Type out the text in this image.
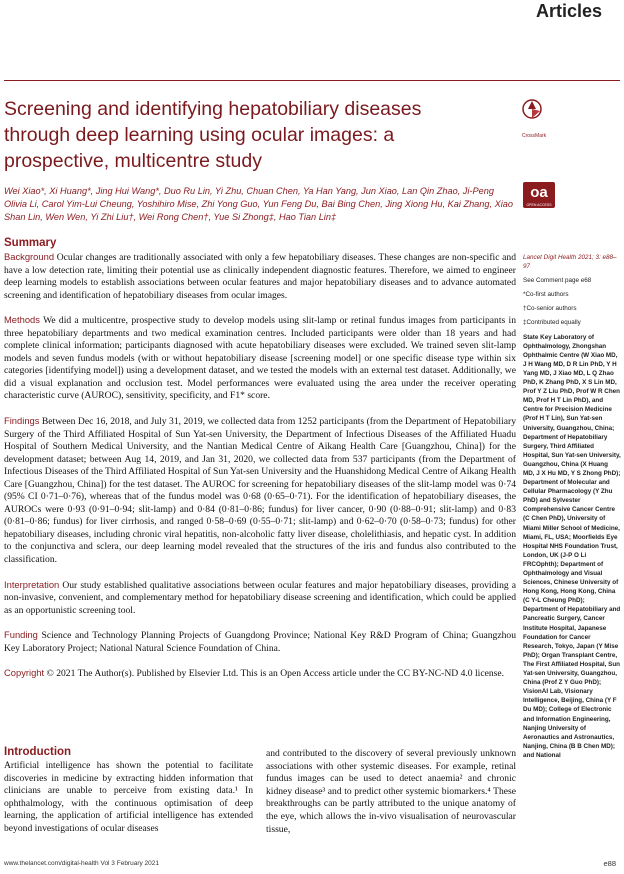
Articles
Screening and identifying hepatobiliary diseases through deep learning using ocular images: a prospective, multicentre study
CrossMark
oa
OPEN ACCESS
Wei Xiao*, Xi Huang*, Jing Hui Wang*, Duo Ru Lin, Yi Zhu, Chuan Chen, Ya Han Yang, Jun Xiao, Lan Qin Zhao, Ji-Peng Olivia Li, Carol Yim-Lui Cheung, Yoshihiro Mise, Zhi Yong Guo, Yun Feng Du, Bai Bing Chen, Jing Xiong Hu, Kai Zhang, Xiao Shan Lin, Wen Wen, Yi Zhi Liu†, Wei Rong Chen†, Yue Si Zhong‡, Hao Tian Lin‡
Summary

Background Ocular changes are traditionally associated with only a few hepatobiliary diseases. These changes are non-specific and have a low detection rate, limiting their potential use as clinically independent diagnostic features. Therefore, we aimed to engineer deep learning models to establish associations between ocular features and major hepatobiliary diseases and to advance automated screening and identification of hepatobiliary diseases from ocular images.

Methods We did a multicentre, prospective study to develop models using slit-lamp or retinal fundus images from participants in three hepatobiliary departments and two medical examination centres. Included participants were older than 18 years and had complete clinical information; participants diagnosed with acute hepatobiliary diseases were excluded. We trained seven slit-lamp models and seven fundus models (with or without hepatobiliary disease [screening model] or one specific disease type within six categories [identifying model]) using a development dataset, and we tested the models with an external test dataset. Additionally, we did a visual explanation and occlusion test. Model performances were evaluated using the area under the receiver operating characteristic curve (AUROC), sensitivity, specificity, and F1* score.

Findings Between Dec 16, 2018, and July 31, 2019, we collected data from 1252 participants (from the Department of Hepatobiliary Surgery of the Third Affiliated Hospital of Sun Yat-sen University, the Department of Infectious Diseases of the Affiliated Huadu Hospital of Southern Medical University, and the Nantian Medical Centre of Aikang Health Care [Guangzhou, China]) for the development dataset; between Aug 14, 2019, and Jan 31, 2020, we collected data from 537 participants (from the Department of Infectious Diseases of the Third Affiliated Hospital of Sun Yat-sen University and the Huanshidong Medical Centre of Aikang Health Care [Guangzhou, China]) for the test dataset. The AUROC for screening for hepatobiliary diseases of the slit-lamp model was 0·74 (95% CI 0·71–0·76), whereas that of the fundus model was 0·68 (0·65–0·71). For the identification of hepatobiliary diseases, the AUROCs were 0·93 (0·91–0·94; slit-lamp) and 0·84 (0·81–0·86; fundus) for liver cancer, 0·90 (0·88–0·91; slit-lamp) and 0·83 (0·81–0·86; fundus) for liver cirrhosis, and ranged 0·58–0·69 (0·55–0·71; slit-lamp) and 0·62–0·70 (0·58–0·73; fundus) for other hepatobiliary diseases, including chronic viral hepatitis, non-alcoholic fatty liver disease, cholelithiasis, and hepatic cyst. In addition to the conjunctiva and sclera, our deep learning model revealed that the structures of the iris and fundus also contributed to the classification.

Interpretation Our study established qualitative associations between ocular features and major hepatobiliary diseases, providing a non-invasive, convenient, and complementary method for hepatobiliary disease screening and identification, which could be applied as an opportunistic screening tool.

Funding Science and Technology Planning Projects of Guangdong Province; National Key R&D Program of China; Guangzhou Key Laboratory Project; National Natural Science Foundation of China.

Copyright © 2021 The Author(s). Published by Elsevier Ltd. This is an Open Access article under the CC BY-NC-ND 4.0 license.

Introduction
Artificial intelligence has shown the potential to facilitate discoveries in medicine by extracting hidden information that clinicians are unable to perceive from existing data.¹ In ophthalmology, with the continuous optimisation of deep learning, the application of artificial intelligence has extended beyond investigations of ocular diseases
and contributed to the discovery of several previously unknown associations with other systemic diseases. For example, retinal fundus images can be used to detect anaemia² and chronic kidney disease³ and to predict other systemic biomarkers.⁴ These breakthroughs can be partly attributed to the unique anatomy of the eye, which allows the in-vivo visualisation of neurovascular tissue,

Lancet Digit Health 2021; 3: e88–97

See Comment page e68

*Co-first authors

†Co-senior authors

‡Contributed equally

State Key Laboratory of Ophthalmology, Zhongshan Ophthalmic Centre (W Xiao MD, J H Wang MD, D R Lin PhD, Y H Yang MD, J Xiao MD, L Q Zhao PhD, K Zhang PhD, X S Lin MD, Prof Y Z Liu PhD, Prof W R Chen MD, Prof H T Lin PhD), and Centre for Precision Medicine (Prof H T Lin), Sun Yat-sen University, Guangzhou, China; Department of Hepatobiliary Surgery, Third Affiliated Hospital, Sun Yat-sen University, Guangzhou, China (X Huang MD, J X Hu MD, Y S Zhong PhD); Department of Molecular and Cellular Pharmacology (Y Zhu PhD) and Sylvester Comprehensive Cancer Centre (C Chen PhD), University of Miami Miller School of Medicine, Miami, FL, USA; Moorfields Eye Hospital NHS Foundation Trust, London, UK (J-P O Li FRCOphth); Department of Ophthalmology and Visual Sciences, Chinese University of Hong Kong, Hong Kong, China (C Y-L Cheung PhD); Department of Hepatobiliary and Pancreatic Surgery, Cancer Institute Hospital, Japanese Foundation for Cancer Research, Tokyo, Japan (Y Mise PhD); Organ Transplant Centre, The First Affiliated Hospital, Sun Yat-sen University, Guangzhou, China (Prof Z Y Guo PhD); VisionAI Lab, Visionary Intelligence, Beijing, China (Y F Du MD); College of Electronic and Information Engineering, Nanjing University of Aeronautics and Astronautics, Nanjing, China (B B Chen MD); and National

www.thelancet.com/digital-health Vol 3 February 2021	e88
